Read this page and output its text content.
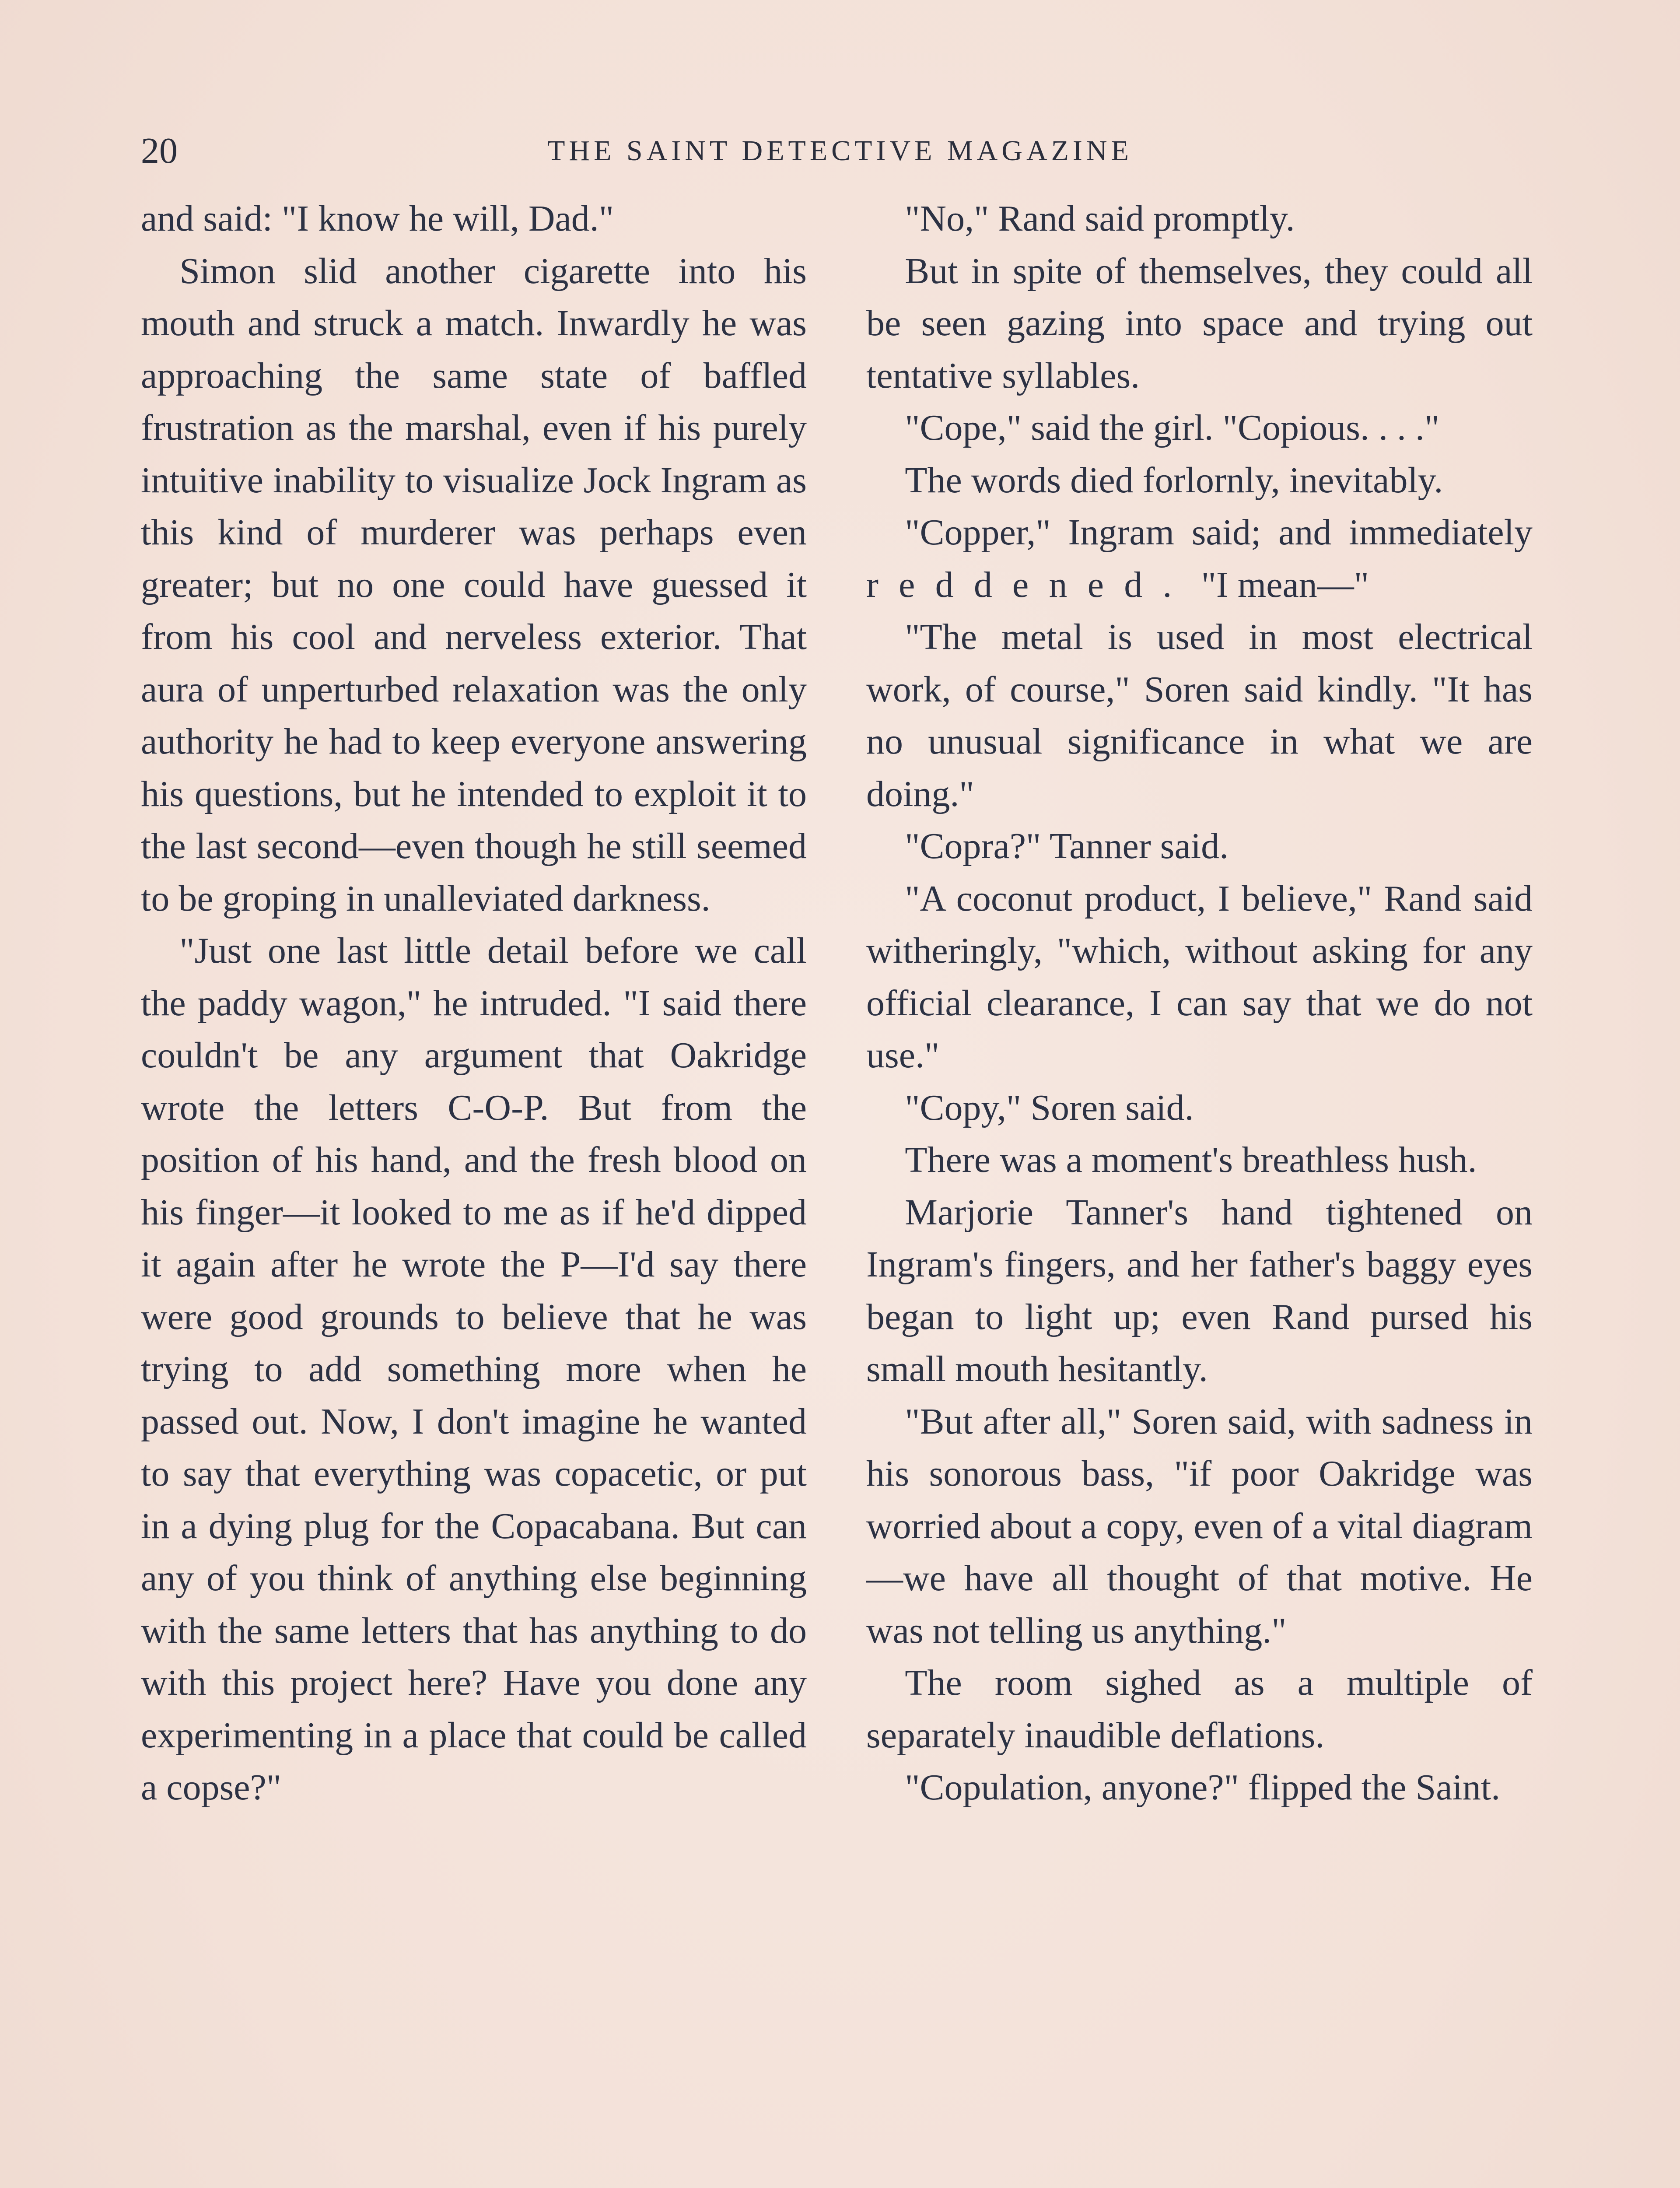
20	THE SAINT DETECTIVE MAGAZINE

and said: "I know he will, Dad."

Simon slid another cigarette into his mouth and struck a match. Inwardly he was approaching the same state of baffled frustration as the marshal, even if his purely intuitive inability to visualize Jock Ingram as this kind of murderer was perhaps even greater; but no one could have guessed it from his cool and nerveless exterior. That aura of unperturbed relaxation was the only authority he had to keep everyone answering his questions, but he intended to exploit it to the last second—even though he still seemed to be groping in unalleviated darkness.

"Just one last little detail before we call the paddy wagon," he intruded. "I said there couldn't be any argument that Oakridge wrote the letters C-O-P. But from the position of his hand, and the fresh blood on his finger—it looked to me as if he'd dipped it again after he wrote the P—I'd say there were good grounds to believe that he was trying to add something more when he passed out. Now, I don't imagine he wanted to say that everything was copacetic, or put in a dying plug for the Copacabana. But can any of you think of anything else beginning with the same letters that has anything to do with this project here? Have you done any experimenting in a place that could be called a copse?"

"No," Rand said promptly.

But in spite of themselves, they could all be seen gazing into space and trying out tentative syllables.

"Cope," said the girl. "Copious. . . ."

The words died forlornly, inevitably.

"Copper," Ingram said; and immediately reddened. "I mean—"

"The metal is used in most electrical work, of course," Soren said kindly. "It has no unusual significance in what we are doing."

"Copra?" Tanner said.

"A coconut product, I believe," Rand said witheringly, "which, without asking for any official clearance, I can say that we do not use."

"Copy," Soren said.

There was a moment's breathless hush.

Marjorie Tanner's hand tightened on Ingram's fingers, and her father's baggy eyes began to light up; even Rand pursed his small mouth hesitantly.

"But after all," Soren said, with sadness in his sonorous bass, "if poor Oakridge was worried about a copy, even of a vital diagram—we have all thought of that motive. He was not telling us anything."

The room sighed as a multiple of separately inaudible deflations.

"Copulation, anyone?" flipped the Saint.
